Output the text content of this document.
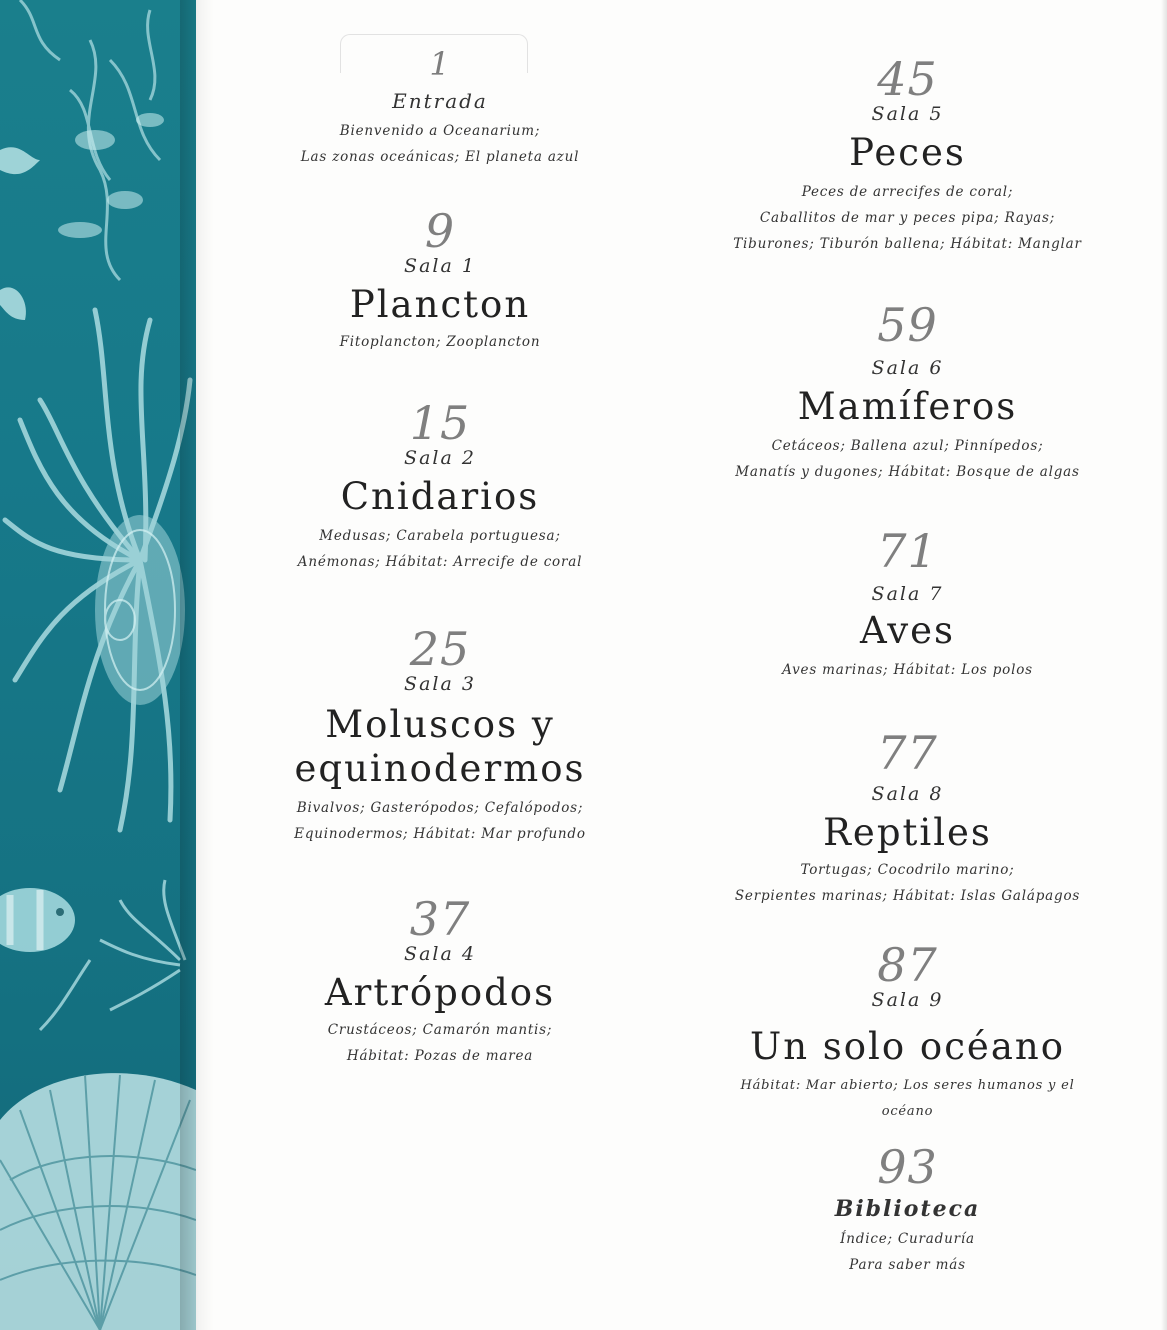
1
Entrada
Bienvenido a Oceanarium;
Las zonas oceánicas; El planeta azul
9
Sala 1
Plancton
Fitoplancton; Zooplancton
15
Sala 2
Cnidarios
Medusas; Carabela portuguesa;
Anémonas; Hábitat: Arrecife de coral
25
Sala 3
Moluscos y
equinodermos
Bivalvos; Gasterópodos; Cefalópodos;
Equinodermos; Hábitat: Mar profundo
37
Sala 4
Artrópodos
Crustáceos; Camarón mantis;
Hábitat: Pozas de marea
45
Sala 5
Peces
Peces de arrecifes de coral;
Caballitos de mar y peces pipa; Rayas;
Tiburones; Tiburón ballena; Hábitat: Manglar
59
Sala 6
Mamíferos
Cetáceos; Ballena azul; Pinnípedos;
Manatís y dugones; Hábitat: Bosque de algas
71
Sala 7
Aves
Aves marinas; Hábitat: Los polos
77
Sala 8
Reptiles
Tortugas; Cocodrilo marino;
Serpientes marinas; Hábitat: Islas Galápagos
87
Sala 9
Un solo océano
Hábitat: Mar abierto; Los seres humanos y el océano
93
Biblioteca
Índice; Curaduría
Para saber más
